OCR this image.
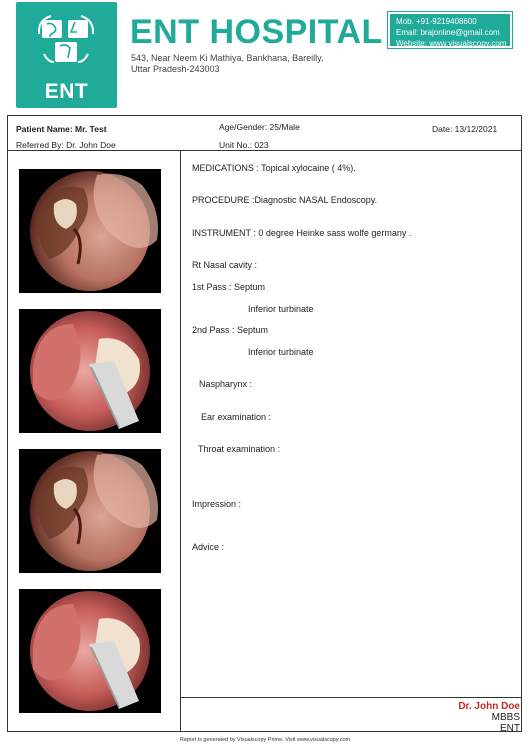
ENT
ENT HOSPITAL
543, Near Neem Ki Mathiya, Bankhana, Bareilly,
Uttar Pradesh-243003
Mob. +91-9219408600
Email: brajonline@gmail.com
Website: www.visualscopy.com
Patient Name: Mr. Test
Referred By: Dr. John Doe
Age/Gender: 25/Male
Unit No.: 023
Date: 13/12/2021
MEDICATIONS : Topical xylocaine ( 4%).
PROCEDURE :Diagnostic NASAL Endoscopy.
INSTRUMENT : 0 degree Heinke sass wolfe germany .
Rt Nasal cavity :
1st Pass : Septum
Inferior turbinate
2nd Pass : Septum
Inferior turbinate
Naspharynx :
Ear examination :
Throat examination :
Impression :
Advice :
Dr. John Doe
MBBS
ENT
Report is generated by Visualscopy Prime. Visit www.visualscopy.com
